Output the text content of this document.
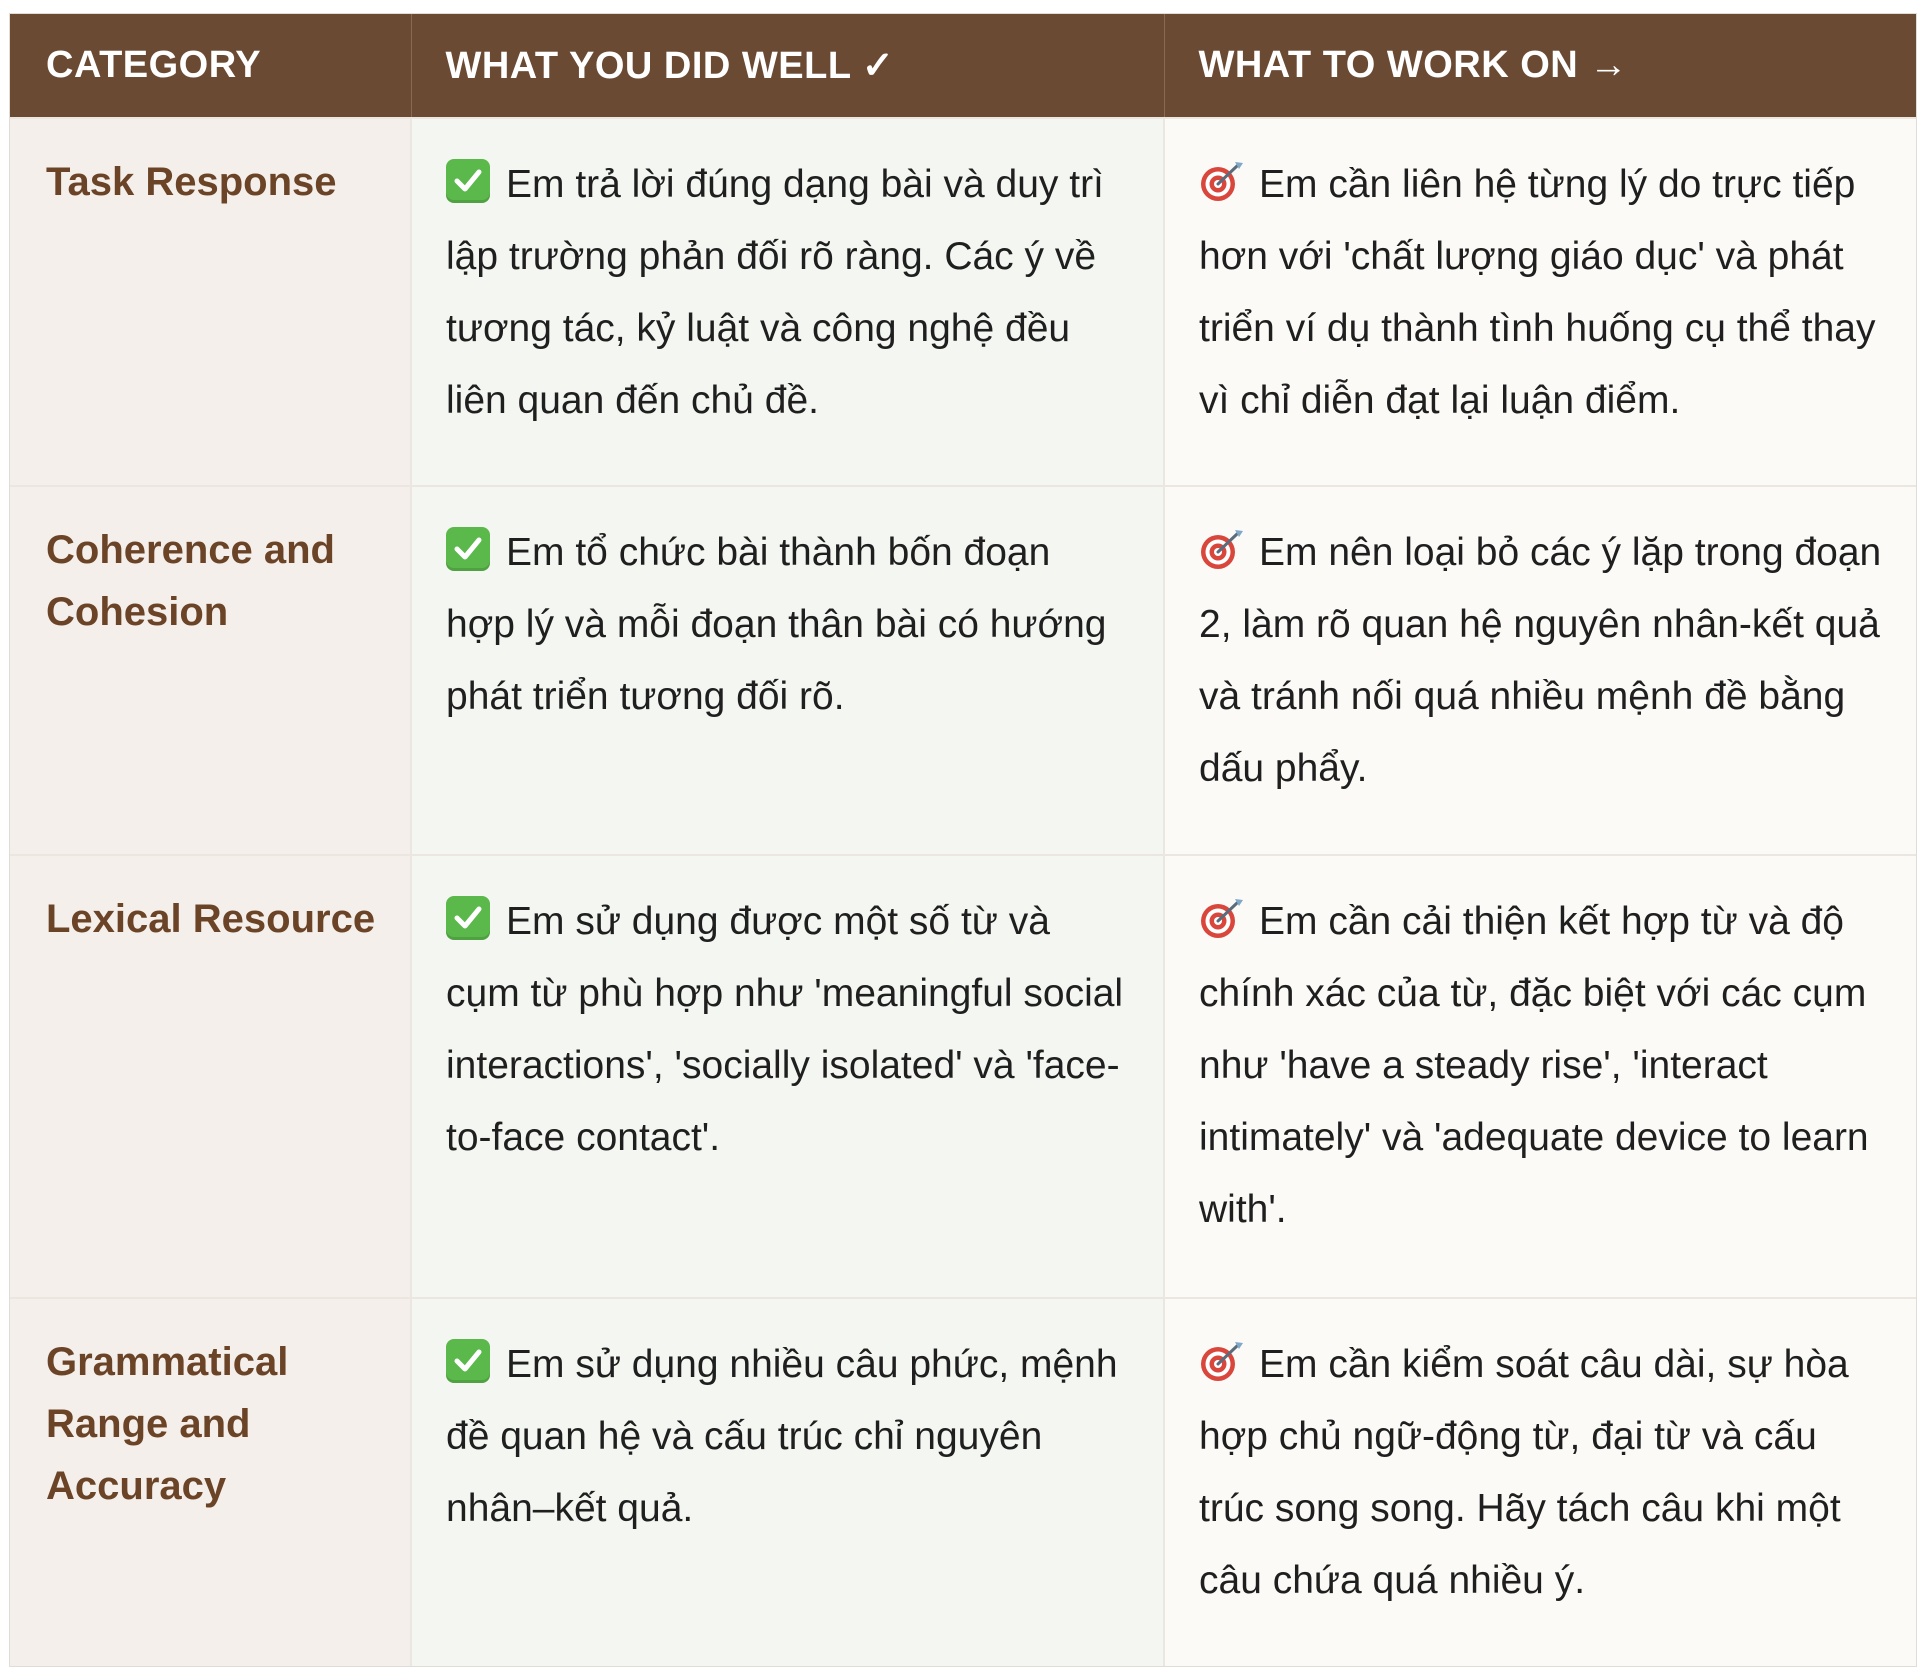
CATEGORY	WHAT YOU DID WELL ✓	WHAT TO WORK ON →

Task Response	Em trả lời đúng dạng bài và duy trì lập trường phản đối rõ ràng. Các ý về tương tác, kỷ luật và công nghệ đều liên quan đến chủ đề.	Em cần liên hệ từng lý do trực tiếp hơn với 'chất lượng giáo dục' và phát triển ví dụ thành tình huống cụ thể thay vì chỉ diễn đạt lại luận điểm.

Coherence and Cohesion	Em tổ chức bài thành bốn đoạn hợp lý và mỗi đoạn thân bài có hướng phát triển tương đối rõ.	Em nên loại bỏ các ý lặp trong đoạn 2, làm rõ quan hệ nguyên nhân-kết quả và tránh nối quá nhiều mệnh đề bằng dấu phẩy.

Lexical Resource	Em sử dụng được một số từ và cụm từ phù hợp như 'meaningful social interactions', 'socially isolated' và 'face-to-face contact'.	Em cần cải thiện kết hợp từ và độ chính xác của từ, đặc biệt với các cụm như 'have a steady rise', 'interact intimately' và 'adequate device to learn with'.

Grammatical Range and Accuracy	Em sử dụng nhiều câu phức, mệnh đề quan hệ và cấu trúc chỉ nguyên nhân–kết quả.	Em cần kiểm soát câu dài, sự hòa hợp chủ ngữ-động từ, đại từ và cấu trúc song song. Hãy tách câu khi một câu chứa quá nhiều ý.
